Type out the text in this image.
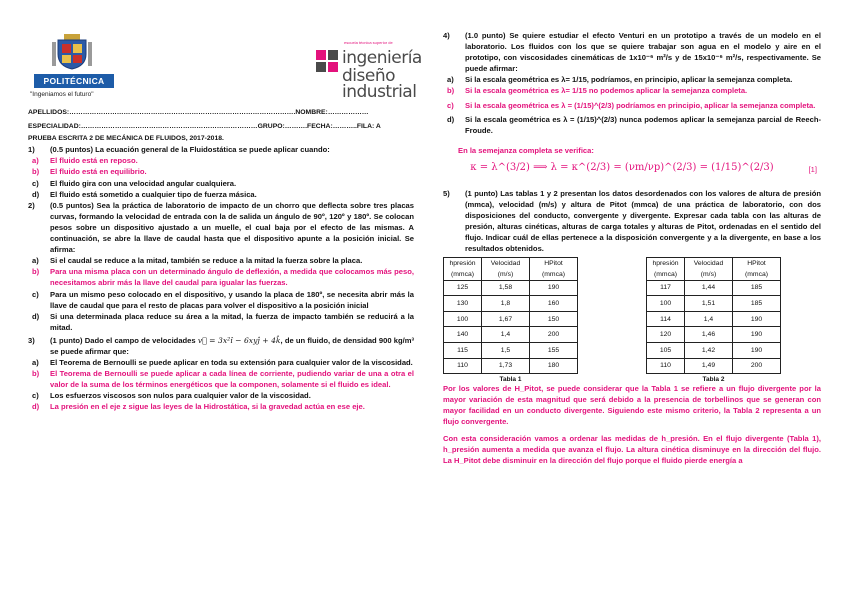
POLITÉCNICA
"Ingeniamos el futuro"
escuela técnica superior de
ingeniería
diseño
industrial

APELLIDOS:……………………………………………………………………………………….NOMBRE:………………

ESPECIALIDAD:……………………………………………………………………GRUPO:……….FECHA:………..FILA: A

PRUEBA ESCRITA 2 DE MECÁNICA DE FLUIDOS, 2017-2018.

1) (0.5 puntos) La ecuación general de la Fluidostática se puede aplicar cuando:
a) El fluido está en reposo.
b) El fluido está en equilibrio.
c) El fluido gira con una velocidad angular cualquiera.
d) El fluido está sometido a cualquier tipo de fuerza másica.
2) (0.5 puntos) Sea la práctica de laboratorio de impacto de un chorro que deflecta sobre tres placas curvas, formando la velocidad de entrada con la de salida un ángulo de 90º, 120º y 180º. Se colocan pesos sobre un dispositivo ajustado a un muelle, el cual baja por el efecto de las mismas. A continuación, se abre la llave de caudal hasta que el dispositivo apunte a la posición inicial. Se afirma:
a) Si el caudal se reduce a la mitad, también se reduce a la mitad la fuerza sobre la placa.
b) Para una misma placa con un determinado ángulo de deflexión, a medida que colocamos más peso, necesitamos abrir más la llave del caudal para igualar las fuerzas.
c) Para un mismo peso colocado en el dispositivo, y usando la placa de 180º, se necesita abrir más la llave de caudal que para el resto de placas para volver el dispositivo a la posición inicial
d) Si una determinada placa reduce su área a la mitad, la fuerza de impacto también se reducirá a la mitad.
3) (1 punto) Dado el campo de velocidades v⃗ = 3x²î − 6xyĵ + 4k̂, de un fluido, de densidad 900 kg/m³ se puede afirmar que:
a) El Teorema de Bernoulli se puede aplicar en toda su extensión para cualquier valor de la viscosidad.
b) El Teorema de Bernoulli se puede aplicar a cada línea de corriente, pudiendo variar de una a otra el valor de la suma de los términos energéticos que la componen, solamente si el fluido es ideal.
c) Los esfuerzos viscosos son nulos para cualquier valor de la viscosidad.
d) La presión en el eje z sigue las leyes de la Hidrostática, si la gravedad actúa en ese eje.
4) (1.0 punto) Se quiere estudiar el efecto Venturi en un prototipo a través de un modelo en el laboratorio. Los fluidos con los que se quiere trabajar son agua en el modelo y aire en el prototipo, con viscosidades cinemáticas de 1x10⁻⁶ m²/s y de 15x10⁻⁶ m²/s, respectivamente. Se puede afirmar:
a) Si la escala geométrica es λ= 1/15, podríamos, en principio, aplicar la semejanza completa.
b) Si la escala geométrica es λ= 1/15 no podemos aplicar la semejanza completa.
c) Si la escala geométrica es λ = (1/15)^(2/3) podríamos en principio, aplicar la semejanza completa.
d) Si la escala geométrica es λ = (1/15)^(2/3) nunca podemos aplicar la semejanza parcial de Reech-Froude.

En la semejanza completa se verifica:

κ = λ^(3/2) ⟹ λ = κ^(2/3) = (νm/νp)^(2/3) = (1/15)^(2/3)	[1]
5) (1 punto) Las tablas 1 y 2 presentan los datos desordenados con los valores de altura de presión (mmca), velocidad (m/s) y altura de Pitot (mmca) de una práctica de laboratorio, con dos disposiciones del conducto, convergente y divergente. Expresar cada tabla con las alturas de presión, alturas cinéticas, alturas de carga totales y alturas de Pitot, ordenadas en el sentido del flujo. Indicar cuál de ellas pertenece a la disposición convergente y a la divergente, en base a los resultados obtenidos.
hpresión
(mmca)	Velocidad
(m/s)	HPitot
(mmca)
125	1,58	190
130	1,8	160
100	1,67	150
140	1,4	200
115	1,5	155
110	1,73	180
Tabla 1
hpresión
(mmca)	Velocidad
(m/s)	HPitot
(mmca)
117	1,44	185
100	1,51	185
114	1,4	190
120	1,46	190
105	1,42	190
110	1,49	200
Tabla 2

Por los valores de H_Pitot, se puede considerar que la Tabla 1 se refiere a un flujo divergente por la mayor variación de esta magnitud que será debido a la presencia de torbellinos que se generan con mayor facilidad en un conducto divergente. Siguiendo este mismo criterio, la Tabla 2 representa a un flujo convergente.

Con esta consideración vamos a ordenar las medidas de h_presión. En el flujo divergente (Tabla 1), h_presión aumenta a medida que avanza el flujo. La altura cinética disminuye en la dirección del flujo. La H_Pitot debe disminuir en la dirección del flujo porque el fluido pierde energía a
